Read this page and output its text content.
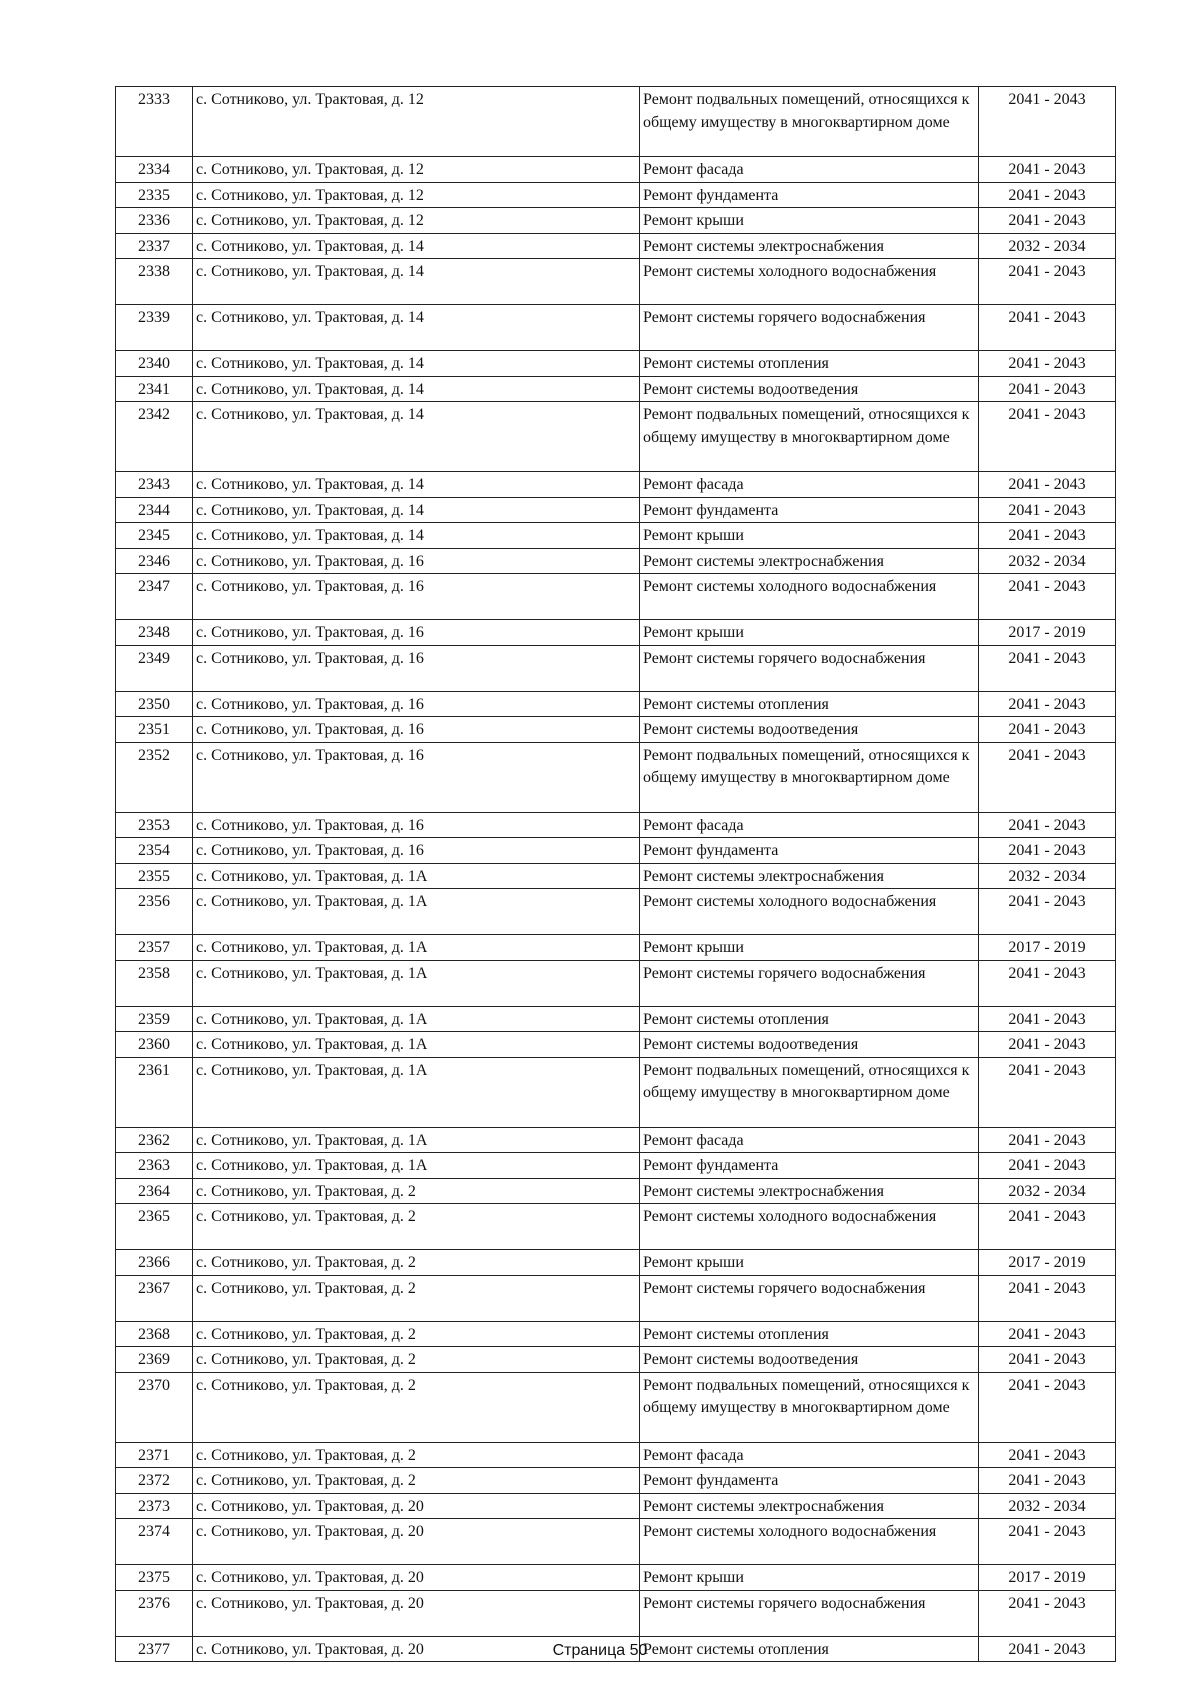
2333	с. Сотниково, ул. Трактовая, д. 12	Ремонт подвальных помещений, относящихся к общему имуществу в многоквартирном доме	2041 - 2043
2334	с. Сотниково, ул. Трактовая, д. 12	Ремонт фасада	2041 - 2043
2335	с. Сотниково, ул. Трактовая, д. 12	Ремонт фундамента	2041 - 2043
2336	с. Сотниково, ул. Трактовая, д. 12	Ремонт крыши	2041 - 2043
2337	с. Сотниково, ул. Трактовая, д. 14	Ремонт системы электроснабжения	2032 - 2034
2338	с. Сотниково, ул. Трактовая, д. 14	Ремонт системы холодного водоснабжения	2041 - 2043
2339	с. Сотниково, ул. Трактовая, д. 14	Ремонт системы горячего водоснабжения	2041 - 2043
2340	с. Сотниково, ул. Трактовая, д. 14	Ремонт системы отопления	2041 - 2043
2341	с. Сотниково, ул. Трактовая, д. 14	Ремонт системы водоотведения	2041 - 2043
2342	с. Сотниково, ул. Трактовая, д. 14	Ремонт подвальных помещений, относящихся к общему имуществу в многоквартирном доме	2041 - 2043
2343	с. Сотниково, ул. Трактовая, д. 14	Ремонт фасада	2041 - 2043
2344	с. Сотниково, ул. Трактовая, д. 14	Ремонт фундамента	2041 - 2043
2345	с. Сотниково, ул. Трактовая, д. 14	Ремонт крыши	2041 - 2043
2346	с. Сотниково, ул. Трактовая, д. 16	Ремонт системы электроснабжения	2032 - 2034
2347	с. Сотниково, ул. Трактовая, д. 16	Ремонт системы холодного водоснабжения	2041 - 2043
2348	с. Сотниково, ул. Трактовая, д. 16	Ремонт крыши	2017 - 2019
2349	с. Сотниково, ул. Трактовая, д. 16	Ремонт системы горячего водоснабжения	2041 - 2043
2350	с. Сотниково, ул. Трактовая, д. 16	Ремонт системы отопления	2041 - 2043
2351	с. Сотниково, ул. Трактовая, д. 16	Ремонт системы водоотведения	2041 - 2043
2352	с. Сотниково, ул. Трактовая, д. 16	Ремонт подвальных помещений, относящихся к общему имуществу в многоквартирном доме	2041 - 2043
2353	с. Сотниково, ул. Трактовая, д. 16	Ремонт фасада	2041 - 2043
2354	с. Сотниково, ул. Трактовая, д. 16	Ремонт фундамента	2041 - 2043
2355	с. Сотниково, ул. Трактовая, д. 1А	Ремонт системы электроснабжения	2032 - 2034
2356	с. Сотниково, ул. Трактовая, д. 1А	Ремонт системы холодного водоснабжения	2041 - 2043
2357	с. Сотниково, ул. Трактовая, д. 1А	Ремонт крыши	2017 - 2019
2358	с. Сотниково, ул. Трактовая, д. 1А	Ремонт системы горячего водоснабжения	2041 - 2043
2359	с. Сотниково, ул. Трактовая, д. 1А	Ремонт системы отопления	2041 - 2043
2360	с. Сотниково, ул. Трактовая, д. 1А	Ремонт системы водоотведения	2041 - 2043
2361	с. Сотниково, ул. Трактовая, д. 1А	Ремонт подвальных помещений, относящихся к общему имуществу в многоквартирном доме	2041 - 2043
2362	с. Сотниково, ул. Трактовая, д. 1А	Ремонт фасада	2041 - 2043
2363	с. Сотниково, ул. Трактовая, д. 1А	Ремонт фундамента	2041 - 2043
2364	с. Сотниково, ул. Трактовая, д. 2	Ремонт системы электроснабжения	2032 - 2034
2365	с. Сотниково, ул. Трактовая, д. 2	Ремонт системы холодного водоснабжения	2041 - 2043
2366	с. Сотниково, ул. Трактовая, д. 2	Ремонт крыши	2017 - 2019
2367	с. Сотниково, ул. Трактовая, д. 2	Ремонт системы горячего водоснабжения	2041 - 2043
2368	с. Сотниково, ул. Трактовая, д. 2	Ремонт системы отопления	2041 - 2043
2369	с. Сотниково, ул. Трактовая, д. 2	Ремонт системы водоотведения	2041 - 2043
2370	с. Сотниково, ул. Трактовая, д. 2	Ремонт подвальных помещений, относящихся к общему имуществу в многоквартирном доме	2041 - 2043
2371	с. Сотниково, ул. Трактовая, д. 2	Ремонт фасада	2041 - 2043
2372	с. Сотниково, ул. Трактовая, д. 2	Ремонт фундамента	2041 - 2043
2373	с. Сотниково, ул. Трактовая, д. 20	Ремонт системы электроснабжения	2032 - 2034
2374	с. Сотниково, ул. Трактовая, д. 20	Ремонт системы холодного водоснабжения	2041 - 2043
2375	с. Сотниково, ул. Трактовая, д. 20	Ремонт крыши	2017 - 2019
2376	с. Сотниково, ул. Трактовая, д. 20	Ремонт системы горячего водоснабжения	2041 - 2043
2377	с. Сотниково, ул. Трактовая, д. 20	Ремонт системы отопления	2041 - 2043
Страница 50
